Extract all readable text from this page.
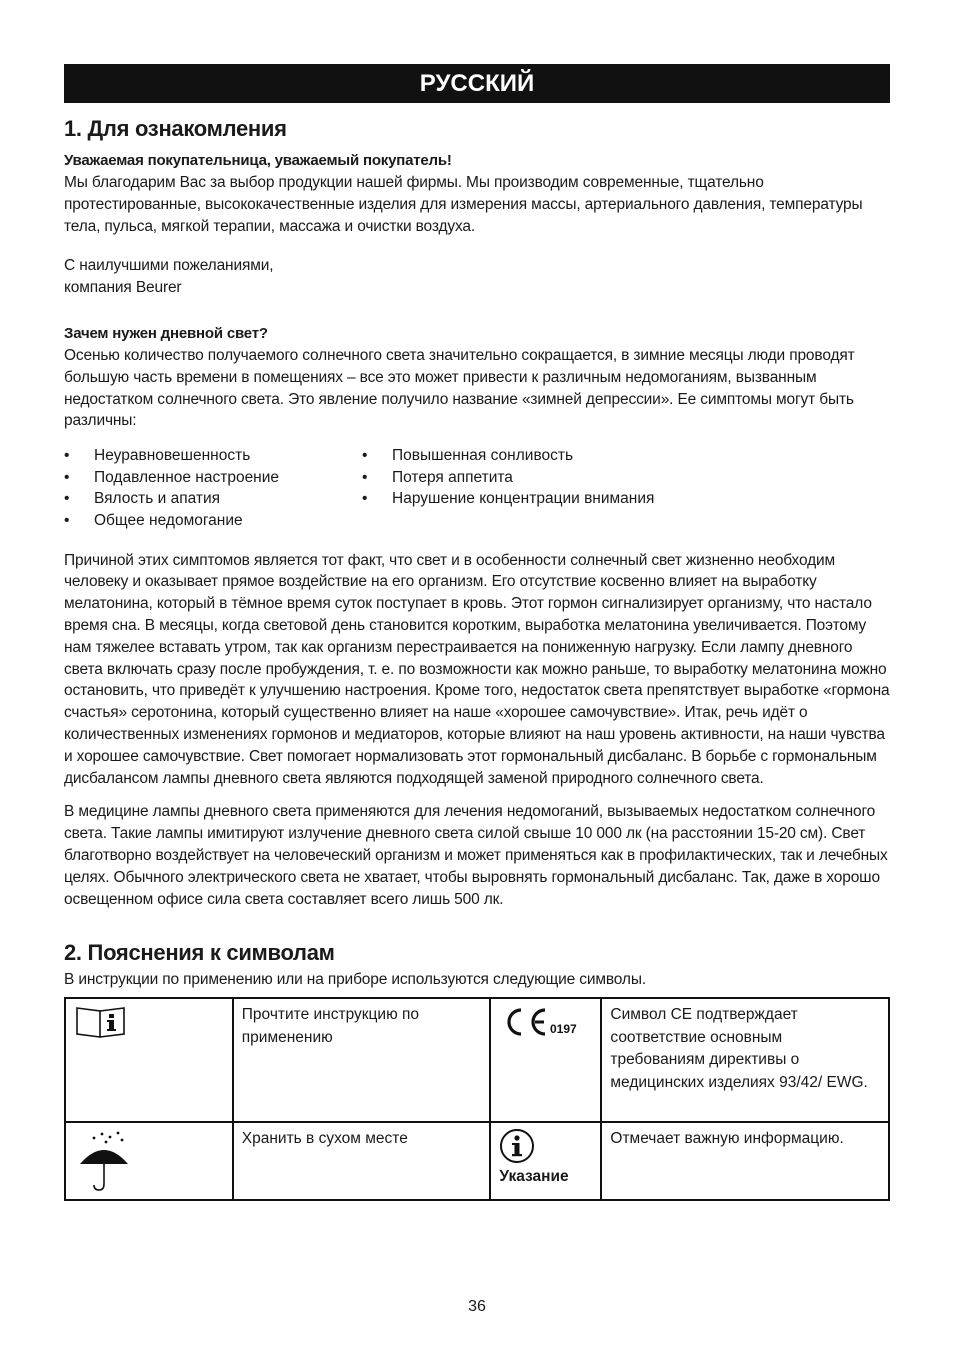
РУССКИЙ
1. Для ознакомления
Уважаемая покупательница, уважаемый покупатель!

Мы благодарим Вас за выбор продукции нашей фирмы. Мы производим современные, тщательно протестированные, высококачественные изделия для измерения массы, артериального давления, температуры тела, пульса, мягкой терапии, массажа и очистки воздуха.

С наилучшими пожеланиями,

компания Beurer

Зачем нужен дневной свет?

Осенью количество получаемого солнечного света значительно сокращается, в зимние месяцы люди проводят большую часть времени в помещениях – все это может привести к различным недомоганиям, вызванным недостатком солнечного света. Это явление получило название «зимней депрессии». Ее симптомы могут быть различны:

• Неуравновешенность
• Подавленное настроение
• Вялость и апатия
• Общее недомогание
• Повышенная сонливость
• Потеря аппетита
• Нарушение концентрации внимания

Причиной этих симптомов является тот факт, что свет и в особенности солнечный свет жизненно необходим человеку и оказывает прямое воздействие на его организм. Его отсутствие косвенно влияет на выработку мелатонина, который в тёмное время суток поступает в кровь. Этот гормон сигнализирует организму, что настало время сна. В месяцы, когда световой день становится коротким, выработка мелатонина увеличивается. Поэтому нам тяжелее вставать утром, так как организм перестраивается на пониженную нагрузку. Если лампу дневного света включать сразу после пробуждения, т. е. по возможности как можно раньше, то выработку мелатонина можно остановить, что приведёт к улучшению настроения. Кроме того, недостаток света препятствует выработке «гормона счастья» серотонина, который существенно влияет на наше «хорошее самочувствие». Итак, речь идёт о количественных изменениях гормонов и медиаторов, которые влияют на наш уровень активности, на наши чувства и хорошее самочувствие. Свет помогает нормализовать этот гормональный дисбаланс. В борьбе с гормональным дисбалансом лампы дневного света являются подходящей заменой природного солнечного света.

В медицине лампы дневного света применяются для лечения недомоганий, вызываемых недостатком солнечного света. Такие лампы имитируют излучение дневного света силой свыше 10 000 лк (на расстоянии 15-20 см). Свет благотворно воздействует на человеческий организм и может применяться как в профилактических, так и лечебных целях. Обычного электрического света не хватает, чтобы выровнять гормональный дисбаланс. Так, даже в хорошо освещенном офисе сила света составляет всего лишь 500 лк.

2. Пояснения к символам

В инструкции по применению или на приборе используются следующие символы.

	Прочтите инструкцию по применению	0197	Символ CE подтверждает соответствие основным требованиям директивы о медицинских изделиях 93/42/ EWG.

	Хранить в сухом месте	Указание	Отмечает важную информацию.
36
